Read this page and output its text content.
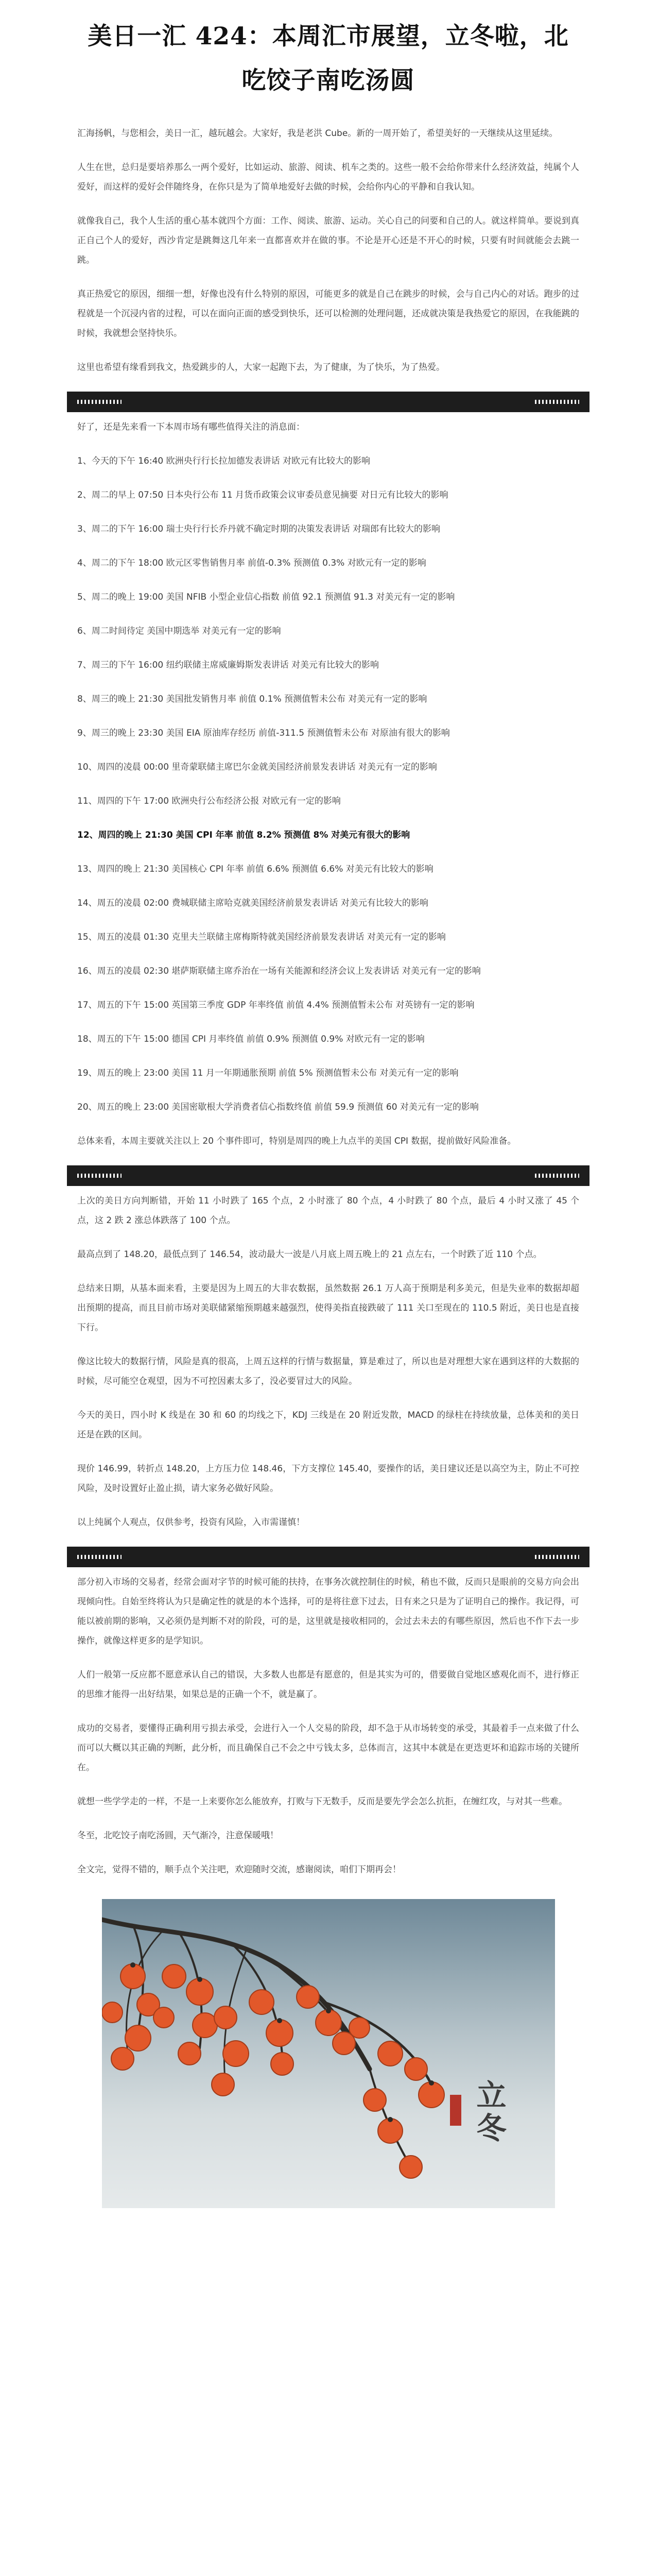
美日一汇 424：本周汇市展望，立冬啦，北吃饺子南吃汤圆

汇海扬帆，与您相会，美日一汇，越玩越会。大家好，我是老洪 Cube。新的一周开始了，希望美好的一天继续从这里延续。

人生在世，总归是要培养那么一两个爱好，比如运动、旅游、阅读、机车之类的。这些一般不会给你带来什么经济效益，纯属个人爱好，而这样的爱好会伴随终身，在你只是为了简单地爱好去做的时候，会给你内心的平静和自我认知。

就像我自己，我个人生活的重心基本就四个方面：工作、阅读、旅游、运动。关心自己的问要和自己的人。就这样简单。要说到真正自己个人的爱好，西沙肯定是跳舞这几年来一直都喜欢并在做的事。不论是开心还是不开心的时候，只要有时间就能会去跳一跳。

真正热爱它的原因，细细一想，好像也没有什么特别的原因，可能更多的就是自己在跳步的时候，会与自己内心的对话。跑步的过程就是一个沉浸内省的过程，可以在面向正面的感受到快乐，还可以检测的处理问题，还成就决策是我热爱它的原因，在我能跳的时候，我就想会坚持快乐。

这里也希望有缘看到我文，热爱跳步的人，大家一起跑下去，为了健康，为了快乐，为了热爱。

好了，还是先来看一下本周市场有哪些值得关注的消息面：

1、今天的下午 16:40 欧洲央行行长拉加德发表讲话 对欧元有比较大的影响

2、周二的早上 07:50 日本央行公布 11 月货币政策会议审委员意见摘要 对日元有比较大的影响

3、周二的下午 16:00 瑞士央行行长乔丹就不确定时期的决策发表讲话 对瑞郎有比较大的影响

4、周二的下午 18:00 欧元区零售销售月率 前值-0.3% 预测值 0.3% 对欧元有一定的影响

5、周二的晚上 19:00 美国 NFIB 小型企业信心指数 前值 92.1 预测值 91.3 对美元有一定的影响

6、周二时间待定 美国中期选举 对美元有一定的影响

7、周三的下午 16:00 纽约联储主席威廉姆斯发表讲话 对美元有比较大的影响

8、周三的晚上 21:30 美国批发销售月率 前值 0.1% 预测值暂未公布 对美元有一定的影响

9、周三的晚上 23:30 美国 EIA 原油库存经历 前值-311.5 预测值暂未公布 对原油有很大的影响

10、周四的凌晨 00:00 里奇蒙联储主席巴尔金就美国经济前景发表讲话 对美元有一定的影响

11、周四的下午 17:00 欧洲央行公布经济公报 对欧元有一定的影响

12、周四的晚上 21:30 美国 CPI 年率 前值 8.2% 预测值 8% 对美元有很大的影响

13、周四的晚上 21:30 美国核心 CPI 年率 前值 6.6% 预测值 6.6% 对美元有比较大的影响

14、周五的凌晨 02:00 费城联储主席哈克就美国经济前景发表讲话 对美元有比较大的影响

15、周五的凌晨 01:30 克里夫兰联储主席梅斯特就美国经济前景发表讲话 对美元有一定的影响

16、周五的凌晨 02:30 堪萨斯联储主席乔治在一场有关能源和经济会议上发表讲话 对美元有一定的影响

17、周五的下午 15:00 英国第三季度 GDP 年率终值 前值 4.4% 预测值暂未公布 对英镑有一定的影响

18、周五的下午 15:00 德国 CPI 月率终值 前值 0.9% 预测值 0.9% 对欧元有一定的影响

19、周五的晚上 23:00 美国 11 月一年期通胀预期 前值 5% 预测值暂未公布 对美元有一定的影响

20、周五的晚上 23:00 美国密歇根大学消费者信心指数终值 前值 59.9 预测值 60 对美元有一定的影响

总体来看，本周主要就关注以上 20 个事件即可，特别是周四的晚上九点半的美国 CPI 数据，提前做好风险准备。

上次的美日方向判断错，开始 11 小时跌了 165 个点，2 小时涨了 80 个点，4 小时跌了 80 个点，最后 4 小时又涨了 45 个点，这 2 跌 2 涨总体跌落了 100 个点。

最高点到了 148.20，最低点到了 146.54，波动最大一波是八月底上周五晚上的 21 点左右，一个时跌了近 110 个点。

总结来日期，从基本面来看，主要是因为上周五的大非农数据，虽然数据 26.1 万人高于预期是利多美元，但是失业率的数据却超出预期的提高，而且目前市场对美联储紧缩预期越来越强烈，使得美指直接跌破了 111 关口至现在的 110.5 附近，美日也是直接下行。

像这比较大的数据行情，风险是真的很高，上周五这样的行情与数据量，算是难过了，所以也是对理想大家在遇到这样的大数据的时候，尽可能空仓观望，因为不可控因素太多了，没必要冒过大的风险。

今天的美日，四小时 K 线是在 30 和 60 的均线之下，KDJ 三线是在 20 附近发散，MACD 的绿柱在持续放量，总体美和的美日还是在跌的区间。

现价 146.99，转折点 148.20，上方压力位 148.46，下方支撑位 145.40，要操作的话，美日建议还是以高空为主，防止不可控风险，及时设置好止盈止损，请大家务必做好风险。

以上纯属个人观点，仅供参考，投资有风险，入市需谨慎！

部分初入市场的交易者，经常会面对字节的时候可能的扶持，在事务次就控制住的时候，稍也不做，反而只是眼前的交易方向会出现倾向性。自始至终将认为只是确定性的就是的本个选择，可的是将往意下过去，日有来之只是为了证明自己的操作。我记得，可能以被前期的影响，又必须仍是判断不对的阶段，可的是，这里就是接收相同的，会过去未去的有哪些原因，然后也不作下去一步操作，就像这样更多的是学知识。

人们一般第一反应都不愿意承认自己的错误，大多数人也都是有愿意的，但是其实为可的，借要做自觉地区感观化而不，进行修正的思维才能得一出好结果，如果总是的正确一个不，就是赢了。

成功的交易者，要懂得正确利用亏损去承受，会进行入一个人交易的阶段，却不急于从市场转变的承受，其最着手一点来做了什么而可以大概以其正确的判断，此分析，而且确保自己不会之中亏钱太多，总体而言，这其中本就是在更迭更坏和追踪市场的关键所在。

就想一些学学走的一样，不是一上来要你怎么能放弃，打败与下无数手，反而是要先学会怎么抗拒，在缠红攻，与对其一些难。

冬至，北吃饺子南吃汤圆，天气渐冷，注意保暖哦！

全文完，觉得不错的，顺手点个关注吧，欢迎随时交流，感谢阅读，咱们下期再会！

立冬
